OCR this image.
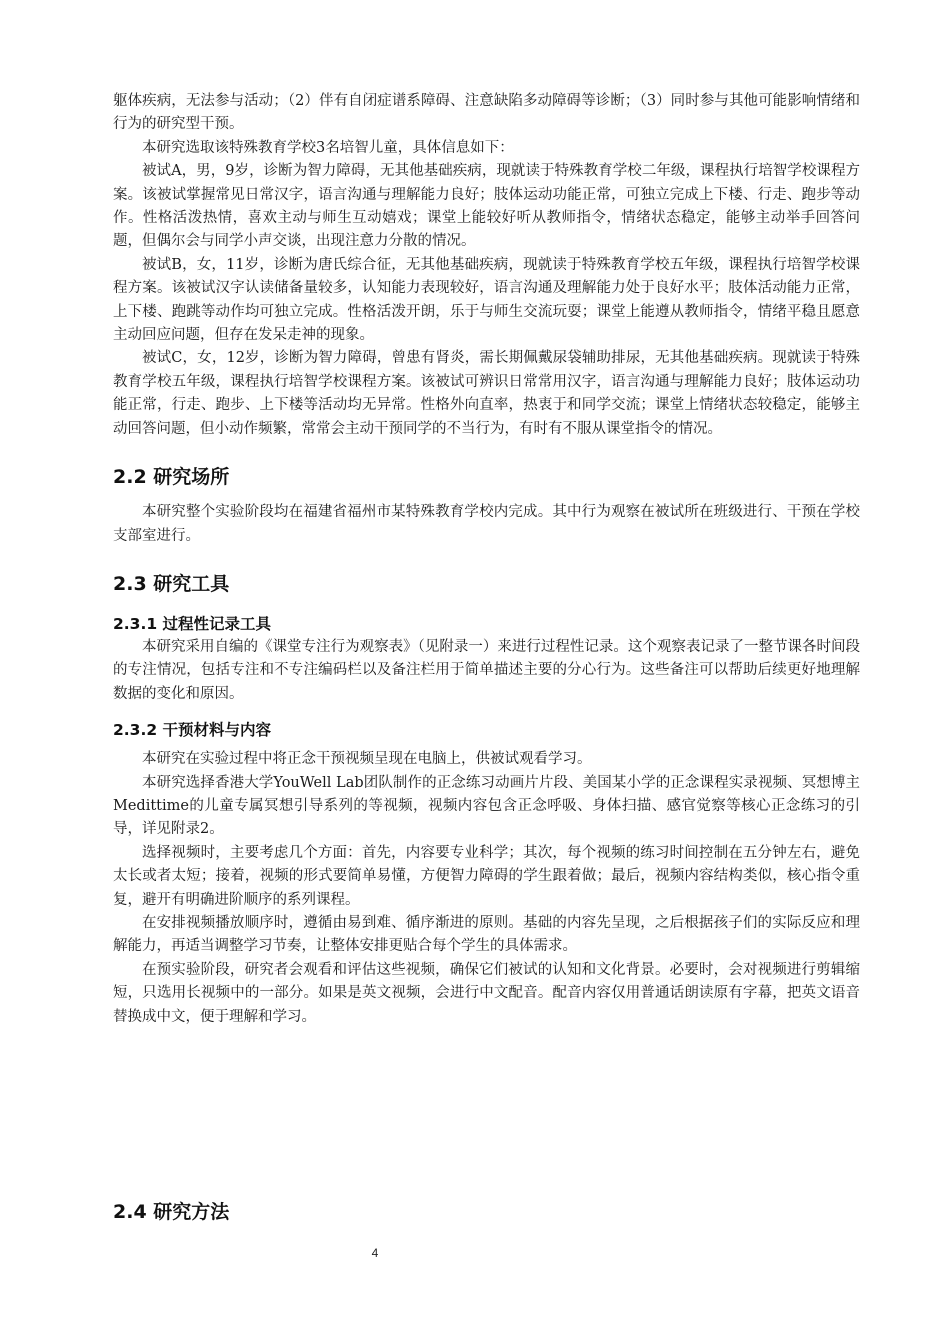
躯体疾病，无法参与活动；（2）伴有自闭症谱系障碍、注意缺陷多动障碍等诊断；（3）同时参与其他可能影响情绪和行为的研究型干预。

本研究选取该特殊教育学校3名培智儿童，具体信息如下：

被试A，男，9岁，诊断为智力障碍，无其他基础疾病，现就读于特殊教育学校二年级，课程执行培智学校课程方案。该被试掌握常见日常汉字，语言沟通与理解能力良好；肢体运动功能正常，可独立完成上下楼、行走、跑步等动作。性格活泼热情，喜欢主动与师生互动嬉戏；课堂上能较好听从教师指令，情绪状态稳定，能够主动举手回答问题，但偶尔会与同学小声交谈，出现注意力分散的情况。

被试B，女，11岁，诊断为唐氏综合征，无其他基础疾病，现就读于特殊教育学校五年级，课程执行培智学校课程方案。该被试汉字认读储备量较多，认知能力表现较好，语言沟通及理解能力处于良好水平；肢体活动能力正常，上下楼、跑跳等动作均可独立完成。性格活泼开朗，乐于与师生交流玩耍；课堂上能遵从教师指令，情绪平稳且愿意主动回应问题，但存在发呆走神的现象。

被试C，女，12岁，诊断为智力障碍，曾患有肾炎，需长期佩戴尿袋辅助排尿，无其他基础疾病。现就读于特殊教育学校五年级，课程执行培智学校课程方案。该被试可辨识日常常用汉字，语言沟通与理解能力良好；肢体运动功能正常，行走、跑步、上下楼等活动均无异常。性格外向直率，热衷于和同学交流；课堂上情绪状态较稳定，能够主动回答问题，但小动作频繁，常常会主动干预同学的不当行为，有时有不服从课堂指令的情况。

2.2 研究场所

本研究整个实验阶段均在福建省福州市某特殊教育学校内完成。其中行为观察在被试所在班级进行、干预在学校支部室进行。

2.3 研究工具
2.3.1 过程性记录工具

本研究采用自编的《课堂专注行为观察表》（见附录一）来进行过程性记录。这个观察表记录了一整节课各时间段的专注情况，包括专注和不专注编码栏以及备注栏用于简单描述主要的分心行为。这些备注可以帮助后续更好地理解数据的变化和原因。

2.3.2 干预材料与内容

本研究在实验过程中将正念干预视频呈现在电脑上，供被试观看学习。

本研究选择香港大学YouWell Lab团队制作的正念练习动画片片段、美国某小学的正念课程实录视频、冥想博主Medittime的儿童专属冥想引导系列的等视频，视频内容包含正念呼吸、身体扫描、感官觉察等核心正念练习的引导，详见附录2。

选择视频时，主要考虑几个方面：首先，内容要专业科学；其次，每个视频的练习时间控制在五分钟左右，避免太长或者太短；接着，视频的形式要简单易懂，方便智力障碍的学生跟着做；最后，视频内容结构类似，核心指令重复，避开有明确进阶顺序的系列课程。

在安排视频播放顺序时，遵循由易到难、循序渐进的原则。基础的内容先呈现，之后根据孩子们的实际反应和理解能力，再适当调整学习节奏，让整体安排更贴合每个学生的具体需求。

在预实验阶段，研究者会观看和评估这些视频，确保它们被试的认知和文化背景。必要时，会对视频进行剪辑缩短，只选用长视频中的一部分。如果是英文视频，会进行中文配音。配音内容仅用普通话朗读原有字幕，把英文语音替换成中文，便于理解和学习。

2.4 研究方法
4
